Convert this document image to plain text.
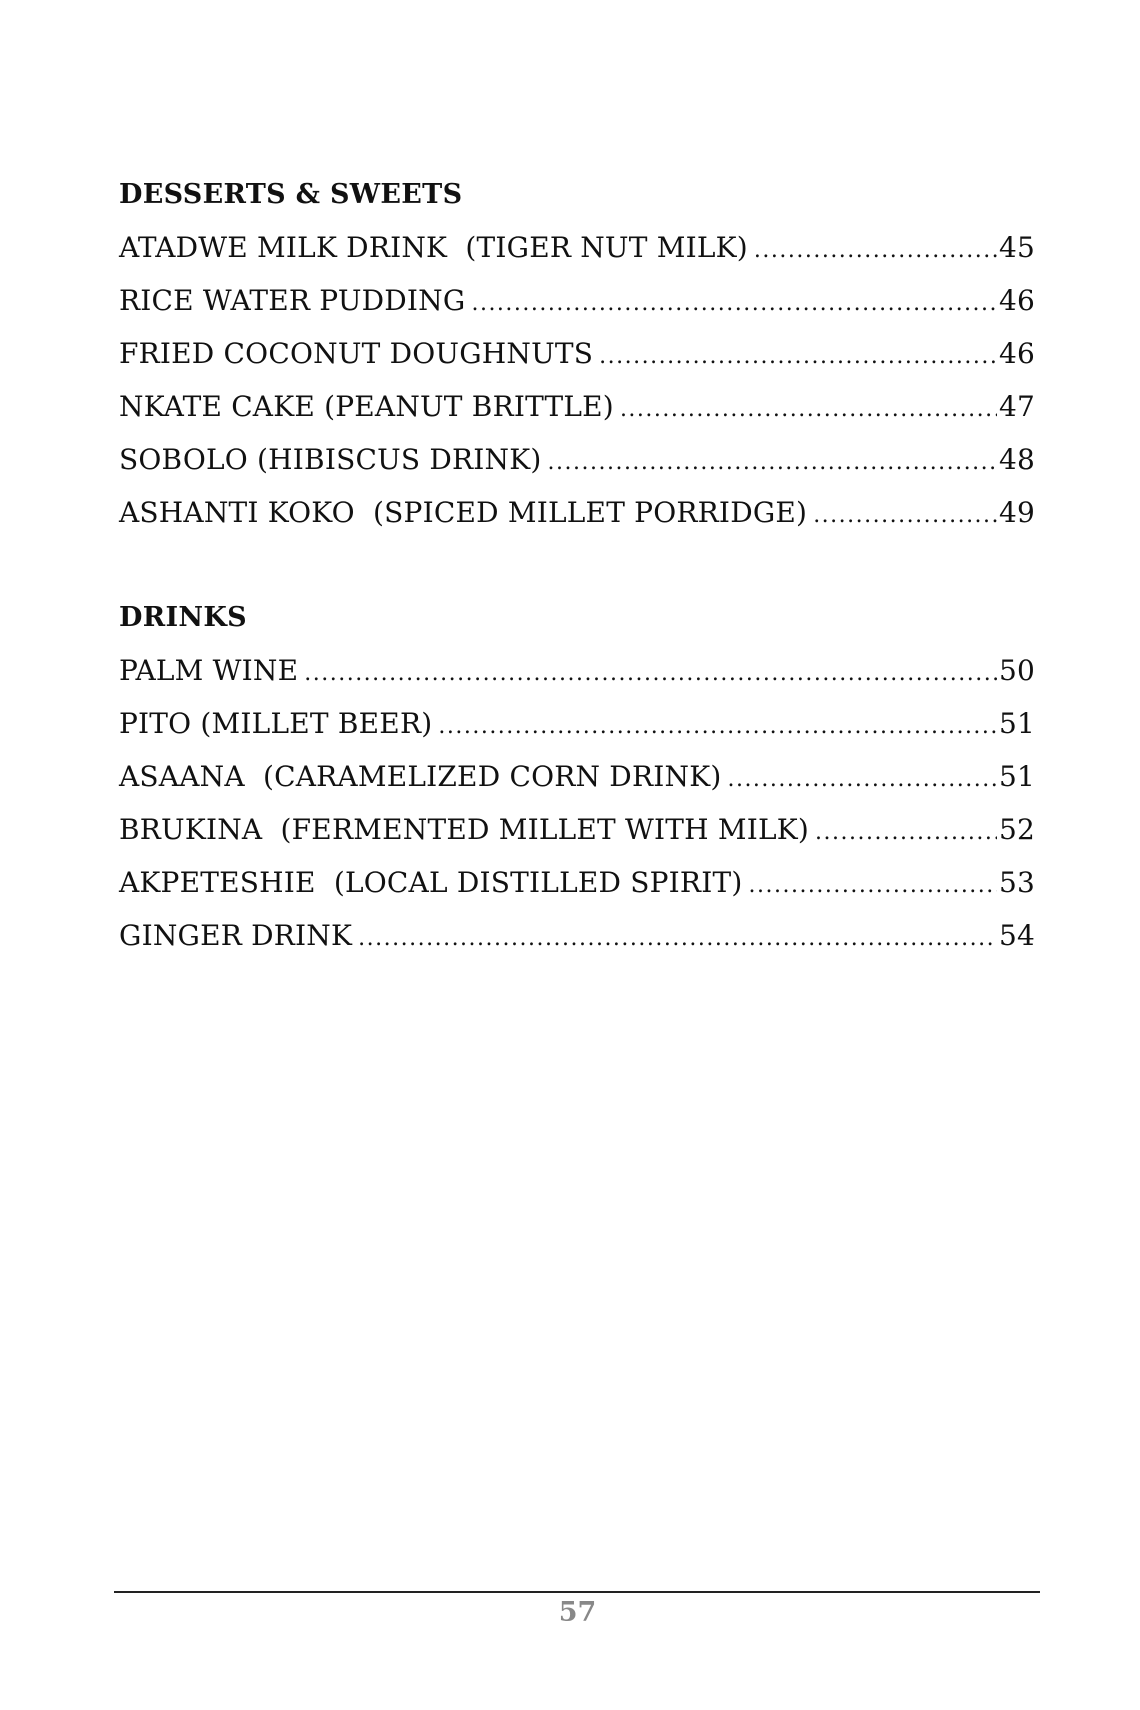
DESSERTS & SWEETS
ATADWE MILK DRINK  (TIGER NUT MILK) .....	45
RICE WATER PUDDING .....	46
FRIED COCONUT DOUGHNUTS .....	46
NKATE CAKE (PEANUT BRITTLE) .....	47
SOBOLO (HIBISCUS DRINK) .....	48
ASHANTI KOKO  (SPICED MILLET PORRIDGE) .....	49
DRINKS
PALM WINE .....	50
PITO (MILLET BEER) .....	51
ASAANA  (CARAMELIZED CORN DRINK) .....	51
BRUKINA  (FERMENTED MILLET WITH MILK) .....	52
AKPETESHIE  (LOCAL DISTILLED SPIRIT) .....	53
GINGER DRINK .....	54
57
